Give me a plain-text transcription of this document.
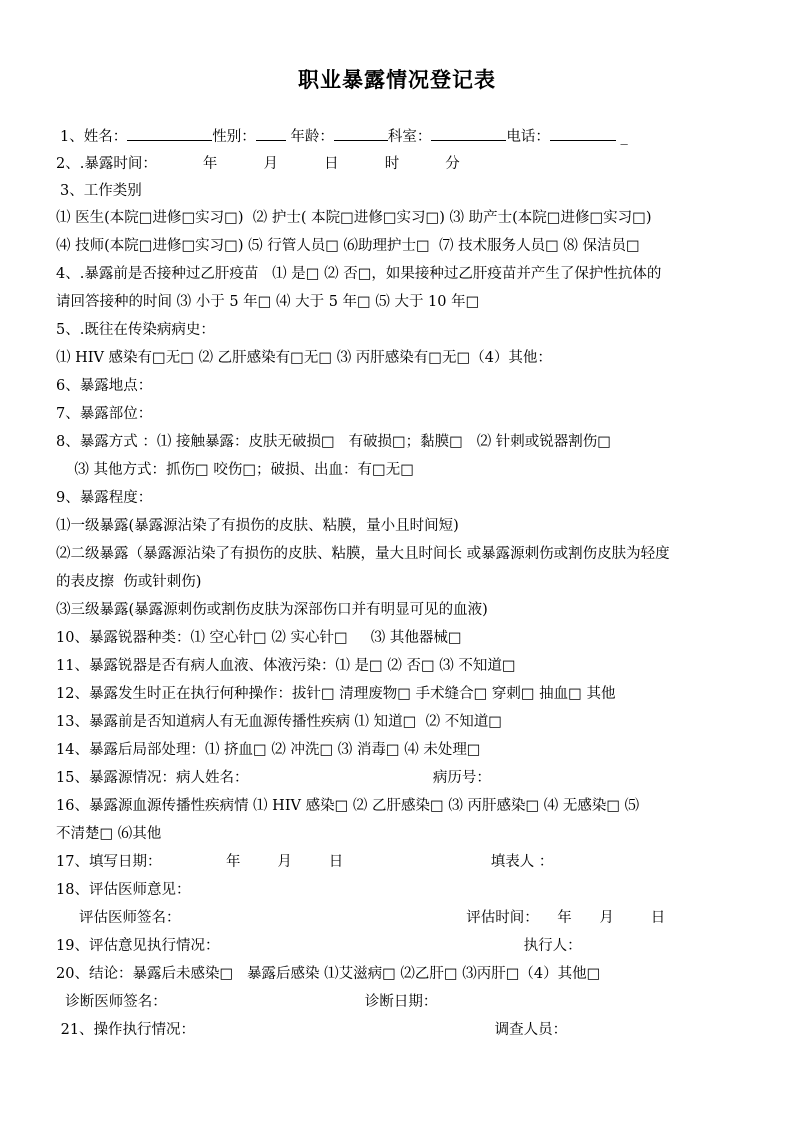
职业暴露情况登记表
1、姓名：	性别： 年龄：	科室：	电话：	_
2、.暴露时间：          年          月          日          时          分
3、工作类别
⑴ 医生(本院□进修□实习□)  ⑵ 护士( 本院□进修□实习□) ⑶ 助产士(本院□进修□实习□)
⑷ 技师(本院□进修□实习□) ⑸ 行管人员□ ⑹助理护士□  ⑺ 技术服务人员□ ⑻ 保洁员□
4、.暴露前是否接种过乙肝疫苗   ⑴ 是□ ⑵ 否□，如果接种过乙肝疫苗并产生了保护性抗体的
请回答接种的时间 ⑶ 小于 5 年□ ⑷ 大于 5 年□ ⑸ 大于 10 年□
5、.既往在传染病病史：
⑴ HIV 感染有□无□ ⑵ 乙肝感染有□无□ ⑶ 丙肝感染有□无□（4）其他：
6、暴露地点：
7、暴露部位：
8、暴露方式 ：⑴ 接触暴露：皮肤无破损□   有破损□；黏膜□   ⑵ 针刺或锐器割伤□
⑶ 其他方式：抓伤□ 咬伤□；破损、出血：有□无□
9、暴露程度：
⑴一级暴露(暴露源沾染了有损伤的皮肤、粘膜，量小且时间短)
⑵二级暴露（暴露源沾染了有损伤的皮肤、粘膜，量大且时间长 或暴露源刺伤或割伤皮肤为轻度
的表皮擦  伤或针刺伤)
⑶三级暴露(暴露源刺伤或割伤皮肤为深部伤口并有明显可见的血液)
10、暴露锐器种类：⑴ 空心针□ ⑵ 实心针□     ⑶ 其他器械□
11、暴露锐器是否有病人血液、体液污染：⑴ 是□ ⑵ 否□ ⑶ 不知道□
12、暴露发生时正在执行何种操作：拔针□ 清理废物□ 手术缝合□ 穿刺□ 抽血□ 其他
13、暴露前是否知道病人有无血源传播性疾病 ⑴ 知道□  ⑵ 不知道□
14、暴露后局部处理：⑴ 挤血□ ⑵ 冲洗□ ⑶ 消毒□ ⑷ 未处理□
15、暴露源情况：病人姓名：                                        病历号：
16、暴露源血源传播性疾病情 ⑴ HIV 感染□ ⑵ 乙肝感染□ ⑶ 丙肝感染□ ⑷ 无感染□ ⑸
不清楚□ ⑹其他
17、填写日期：              年        月        日                                填表人 ：
18、评估医师意见：
评估医师签名：                                                              评估时间：    年      月        日
19、评估意见执行情况：                                                                  执行人：
20、结论：暴露后未感染□   暴露后感染 ⑴艾滋病□ ⑵乙肝□ ⑶丙肝□（4）其他□
诊断医师签名：                                           诊断日期：
21、操作执行情况：                                                                 调查人员：
